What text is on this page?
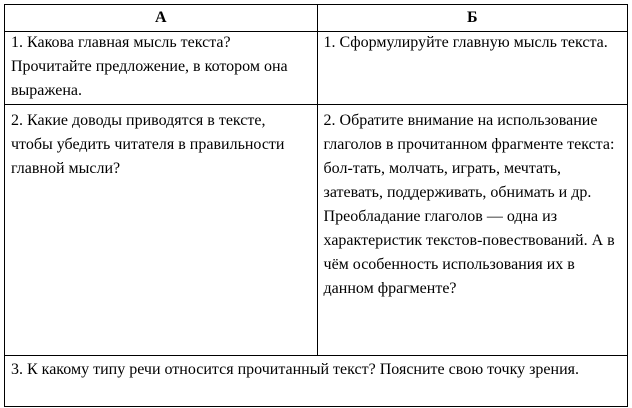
А	Б

1. Какова главная мысль текста? Прочитайте предложение, в котором она выражена.	1. Сформулируйте главную мысль текста.

2. Какие доводы приводятся в тексте, чтобы убедить читателя в правильности главной мысли?	2. Обратите внимание на использование глаголов в прочитанном фрагменте текста: бол-тать, молчать, играть, мечтать, затевать, поддерживать, обнимать и др. Преобладание глаголов — одна из характеристик текстов-повествований. А в чём особенность использования их в данном фрагменте?

3. К какому типу речи относится прочитанный текст? Поясните свою точку зрения.	
